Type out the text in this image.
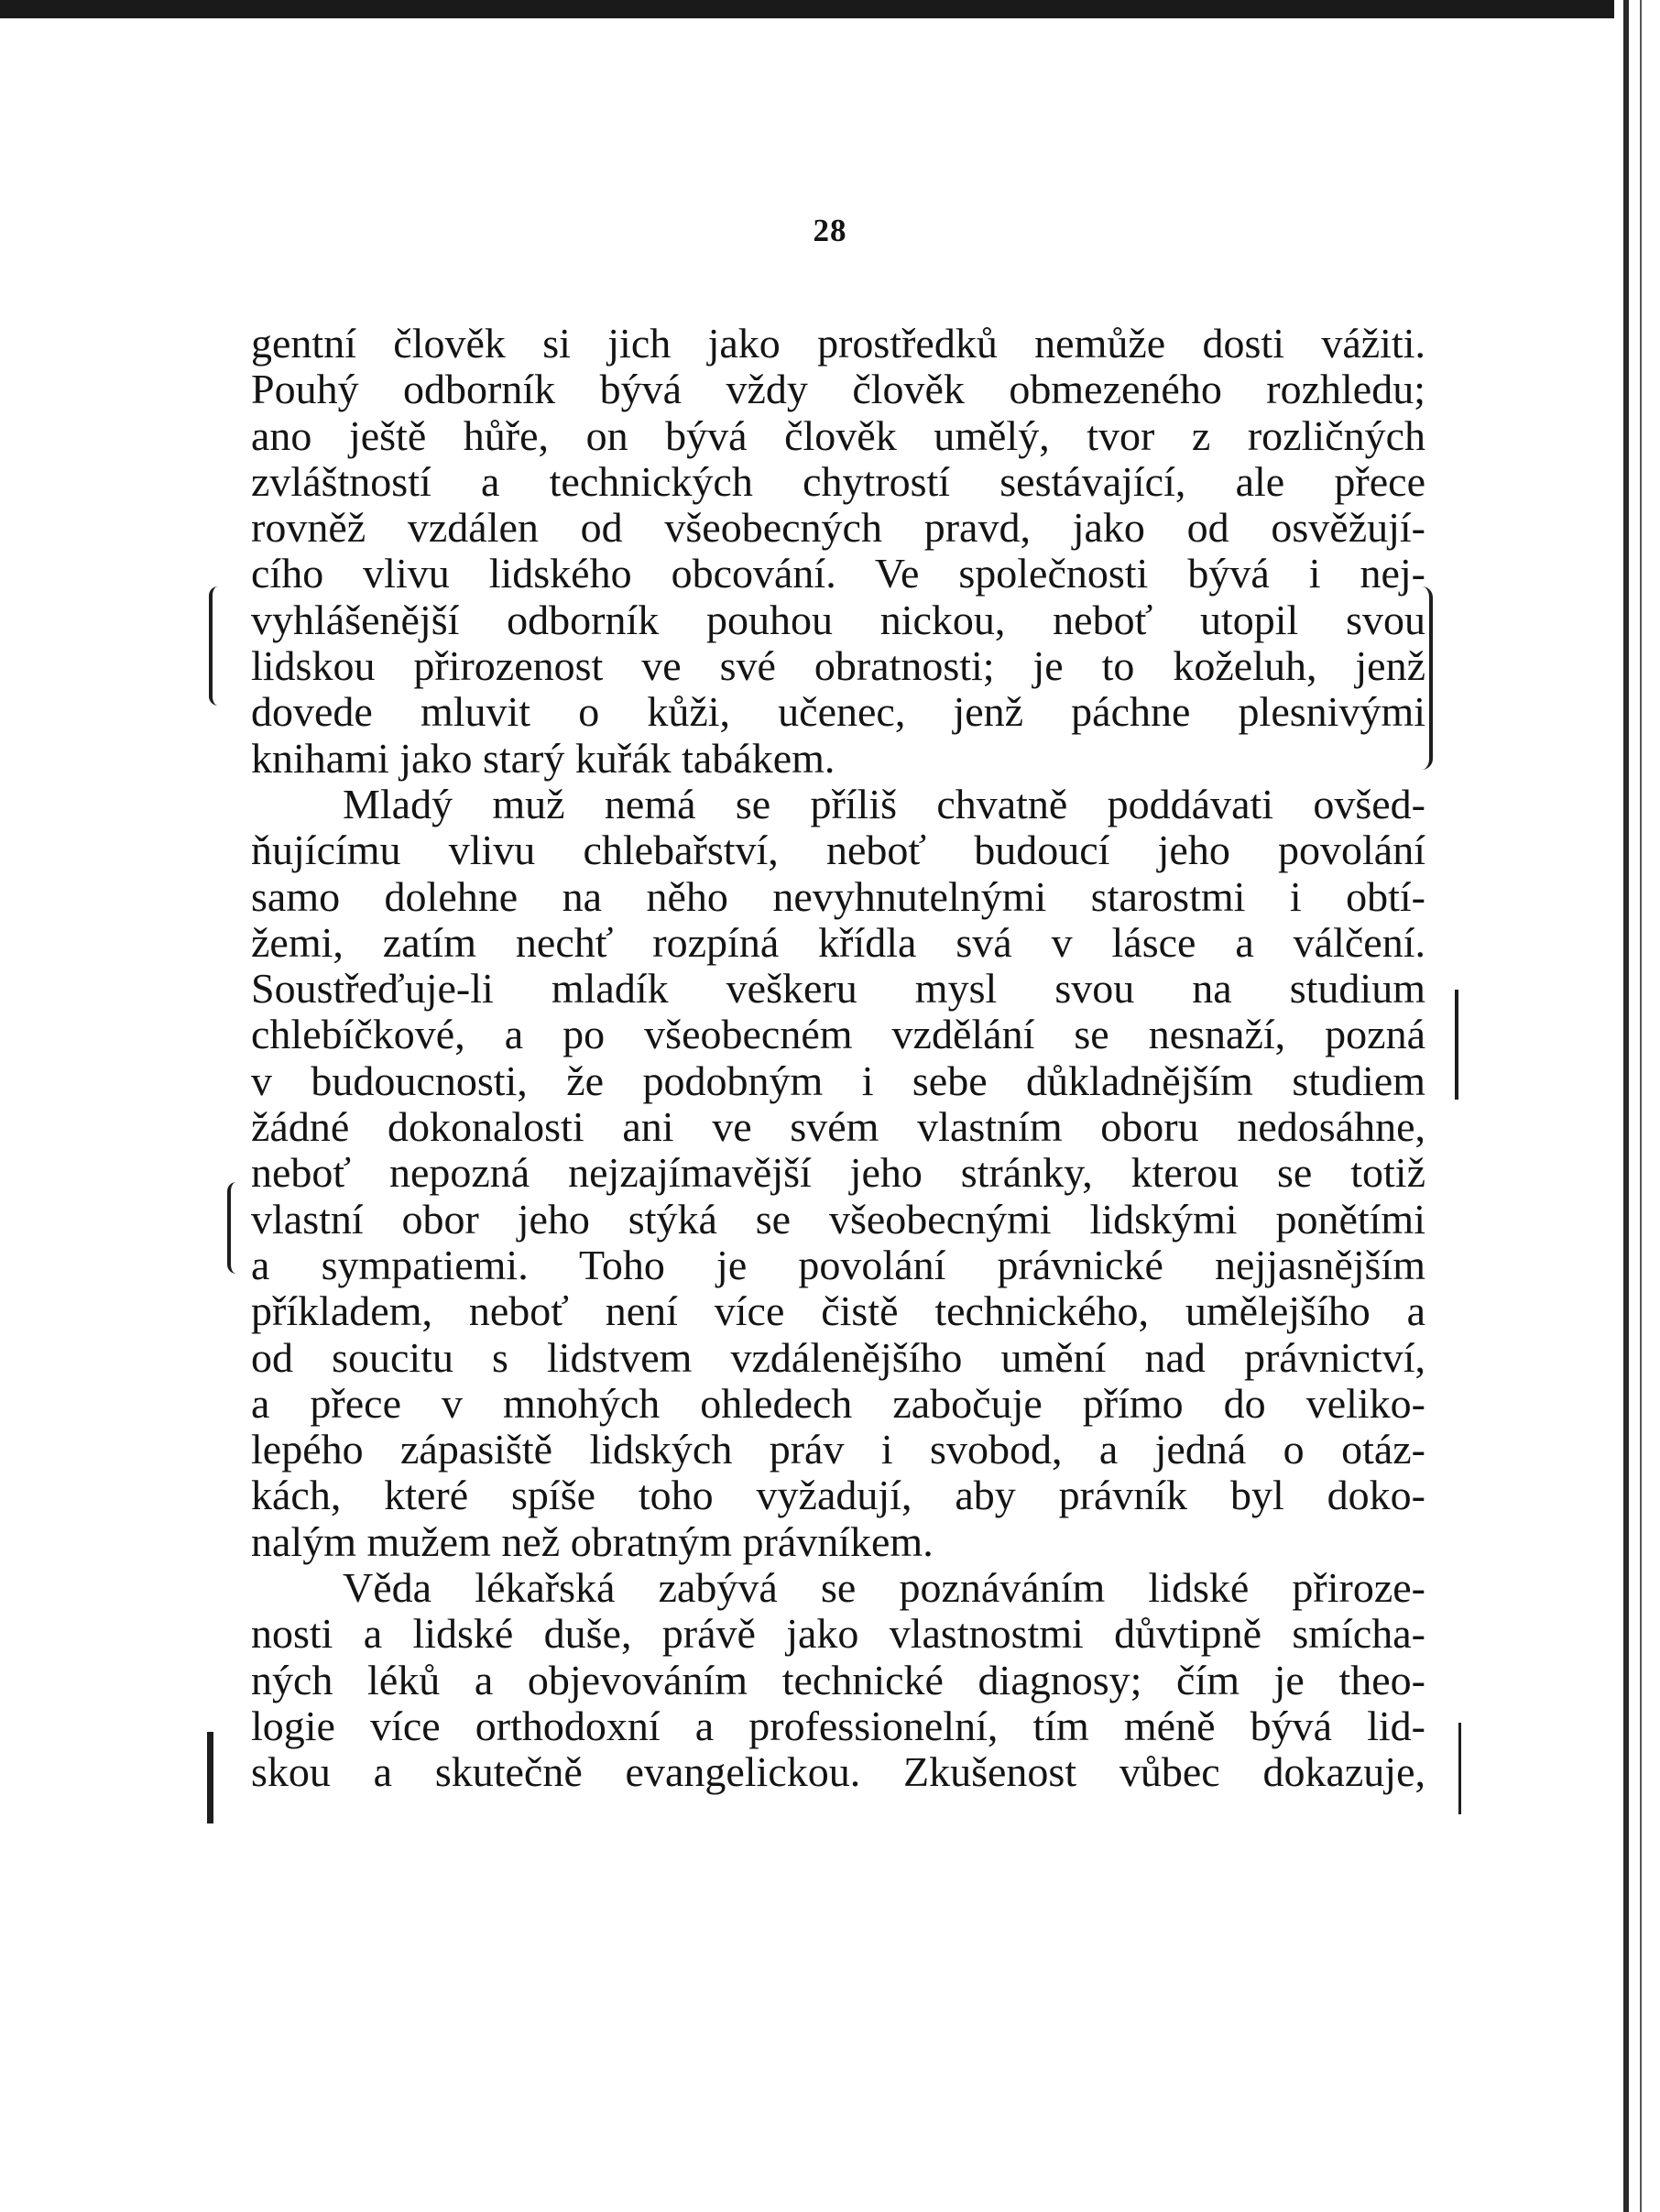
28
gentní člověk si jich jako prostředků nemůže dosti vážiti.
Pouhý odborník bývá vždy člověk obmezeného rozhledu;
ano ještě hůře, on bývá člověk umělý, tvor z rozličných
zvláštností a technických chytrostí sestávající, ale přece
rovněž vzdálen od všeobecných pravd, jako od osvěžují-
cího vlivu lidského obcování. Ve společnosti bývá i nej-
vyhlášenější odborník pouhou nickou, neboť utopil svou
lidskou přirozenost ve své obratnosti; je to koželuh, jenž
dovede mluvit o kůži, učenec, jenž páchne plesnivými
knihami jako starý kuřák tabákem.
Mladý muž nemá se příliš chvatně poddávati ovšed-
ňujícímu vlivu chlebařství, neboť budoucí jeho povolání
samo dolehne na něho nevyhnutelnými starostmi i obtí-
žemi, zatím nechť rozpíná křídla svá v lásce a válčení.
Soustřeďuje-li mladík veškeru mysl svou na studium
chlebíčkové, a po všeobecném vzdělání se nesnaží, pozná
v budoucnosti, že podobným i sebe důkladnějším studiem
žádné dokonalosti ani ve svém vlastním oboru nedosáhne,
neboť nepozná nejzajímavější jeho stránky, kterou se totiž
vlastní obor jeho stýká se všeobecnými lidskými ponětími
a sympatiemi. Toho je povolání právnické nejjasnějším
příkladem, neboť není více čistě technického, umělejšího a
od soucitu s lidstvem vzdálenějšího umění nad právnictví,
a přece v mnohých ohledech zabočuje přímo do veliko-
lepého zápasiště lidských práv i svobod, a jedná o otáz-
kách, které spíše toho vyžadují, aby právník byl doko-
nalým mužem než obratným právníkem.
Věda lékařská zabývá se poznáváním lidské přiroze-
nosti a lidské duše, právě jako vlastnostmi důvtipně smícha-
ných léků a objevováním technické diagnosy; čím je theo-
logie více orthodoxní a professionelní, tím méně bývá lid-
skou a skutečně evangelickou. Zkušenost vůbec dokazuje,
